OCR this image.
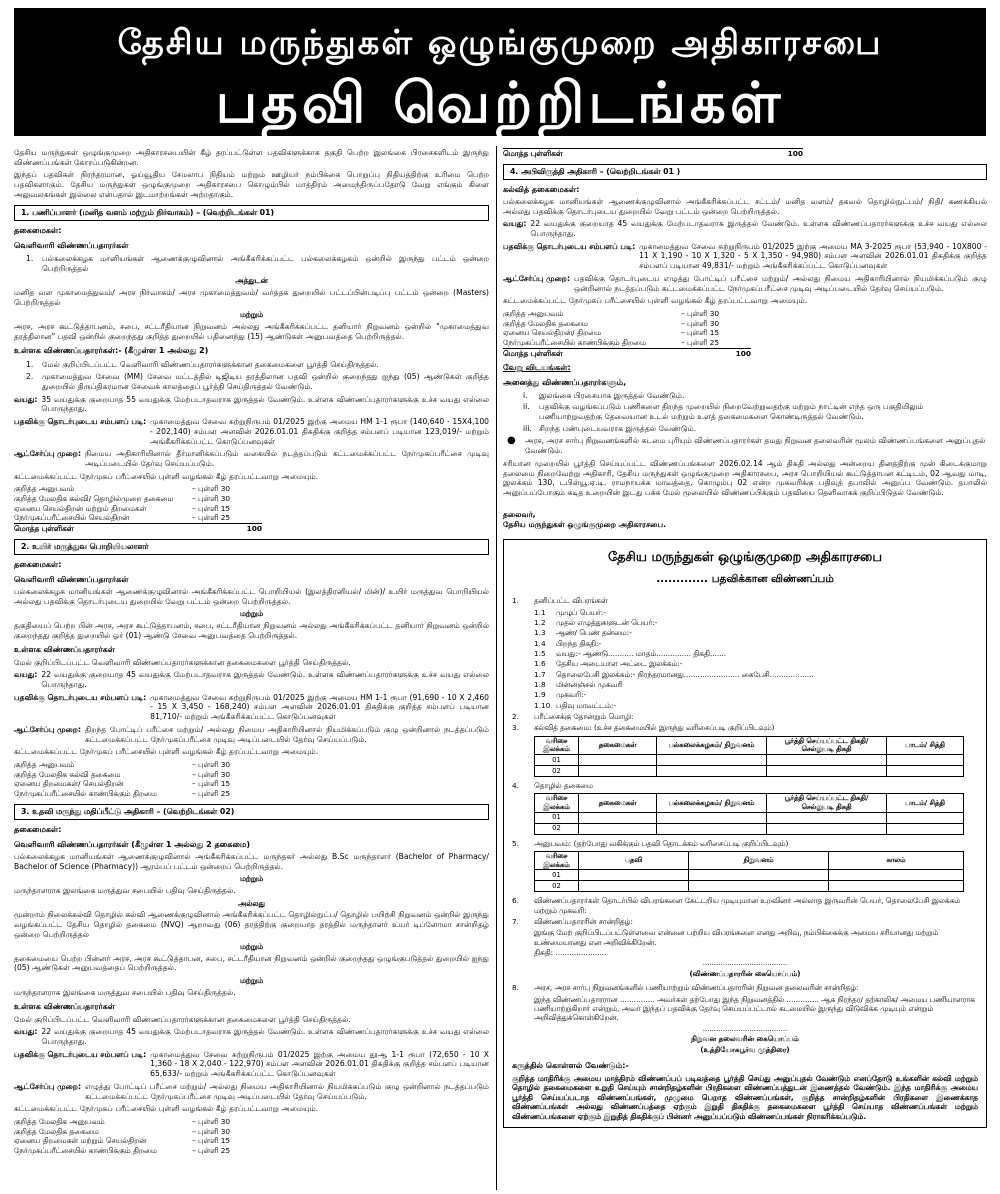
தேசிய மருந்துகள் ஒழுங்குமுறை அதிகாரசபை
பதவி வெற்றிடங்கள்

தேசிய மருந்துகள் ஒழுங்குமுறை அதிகாரசபையின் கீழ் தரப்பட்டுள்ள பதவிகளுக்காக தகுதி பெற்ற இலங்கை பிரசைகளிடம் இருந்து விண்ணப்பங்கள் கோரப்படுகின்றன.

இந்தப் பதவிகள் நிரந்தரமான, ஓய்வூதிய சேமலாப நிதியம் மற்றும் ஊழியர் நம்பிக்கை பொறுப்பு நிதியத்திற்கு உரிமை பெற்ற பதவிகளாகும். தேசிய மருந்துகள் ஒழுங்குமுறை அதிகாரசபை கொழும்பில் மாத்திரம் அமைந்திருப்பதோடு வேறு எங்கும் கிளை அலுவலகங்கள் இல்லை என்பதால் இடமாற்றங்கள் அற்றதாகும்.

1. பணிப்பாளர் (மனித வளம் மற்றும் நிர்வாகம்) – (வெற்றிடங்கள் 01)
தகைமைகள்:
வெளிவாரி விண்ணப்பதாரர்கள்
1.	பல்கலைக்கழக மானியங்கள் ஆணைக்குழுவினால் அங்கீகரிக்கப்பட்ட பல்கலைக்கழகம் ஒன்றில் இருந்து பட்டம் ஒன்றை பெற்றிருத்தல்
அத்துடன்

மனித வள முகாமைத்துவம்/ அரச நிர்வாகம்/ அரச முகாமைத்துவம்/ வர்த்தக துறையில் பட்டப்பின்படிப்பு பட்டம் ஒன்றை (Masters) பெற்றிருத்தல்

மற்றும்

அரச, அரச கூட்டுத்தாபனம், சபை, சட்டரீதியான நிறுவனம் அல்லது அங்கீகரிக்கப்பட்ட தனியார் நிறுவனம் ஒன்றில் "முகாமைத்துவ தரத்திலான" பதவி ஒன்றில் குறைந்தது குறித்த துறையில் பதினைந்து (15) ஆண்டுகள் அனுபவத்தை பெற்றிருத்தல்.

உள்ளக விண்ணப்பதாரர்கள்:- (கீழுள்ள 1 அல்லது 2)
1.	மேல் குறிப்பிடப்பட்ட வெளிவாரி விண்ணப்பதாரர்களுக்கான தகைமைகளை பூர்த்தி செய்திருத்தல்.
2.	முகாமைத்துவ சேவை (MM) சேவை மட்டத்தில் டிஜிடிய தரத்திலான பதவி ஒன்றில் குறைந்தது ஐந்து (05) ஆண்டுகள் குறித்த துறையில் திருப்திகரமான சேவைக் காலத்தைப் பூர்த்தி செய்திருத்தல் வேண்டும்.
வயது: 35 வயதுக்கு குறையாத 55 வயதுக்கு மேற்படாதவராக இருத்தல் வேண்டும். உள்ளக விண்ணப்பதாரர்களுக்கு உச்ச வயது எல்லை பொருந்தாது.
பதவிக்கு தொடர்புடைய சம்பளப் படி: முகாமைத்துவ சேவை சுற்றுநிருபம் 01/2025 இற்கு அமைய HM 1-1 ரூபா (140,640 - 15X4,100 - 202,140) சம்பள அளவின் 2026.01.01 திகதிக்கு குறித்த சம்பளப் படியான 123,019/- மற்றும் அங்கீகரிக்கப்பட்ட கொடுப்பனவுகள்
ஆட்சேர்ப்பு முறை: நிமைய அதிகாரியினால் தீர்மானிக்கப்படும் வகையில் நடத்தப்படும் கட்டமைக்கப்பட்ட நேர்முகப்பரீட்சை முடிவு அடிப்படையில் தேர்வு செய்யப்படும்.

கட்டமைக்கப்பட்ட நேர்முகப் பரீட்சையில் புள்ளி வழங்கல் கீழ் தரப்பட்டவாறு அமையும்.

குறித்த அனுபவம்	– புள்ளி 30
குறித்த மேலதிக கல்வி/ தொழில்முறை தகைமை	– புள்ளி 30
ஏனைய செயல்திறன் மற்றும் திறமைகள்	– புள்ளி 15
நேர்முகப்பரீட்சையில் செயல்திறன்	– புள்ளி 25
மொத்த புள்ளிகள்	100
2. உயிர் மருத்துவ பொறியியலாளர்
தகைமைகள்:
வெளிவாரி விண்ணப்பதாரர்கள்

பல்கலைக்கழக மானியங்கள் ஆணைக்குழுவினால் அங்கீகரிக்கப்பட்ட பொறியியல் (இலத்திரனியல்/ மின்)/ உயிர் மருத்துவ பொறியியல் அல்லது பதவிக்கு தொடர்புடைய துறையில் வேறு பட்டம் ஒன்றை பெற்றிருத்தல்.

மற்றும்

தகுதியைப் பெற்ற பின் அரச, அரச கூட்டுத்தாபனம், சபை, சட்டரீதியான நிறுவனம் அல்லது அங்கீகரிக்கப்பட்ட தனியார் நிறுவனம் ஒன்றில் குறைந்தது குறித்த துறையில் ஓர் (01) ஆண்டு சேவை அனுபவத்தை பெற்றிருத்தல்.

உள்ளக விண்ணப்பதாரர்கள்

மேல் குறிப்பிடப்பட்ட வெளிவாரி விண்ணப்பதாரர்களுக்கான தகைமைகளை பூர்த்தி செய்திருத்தல்.

வயது: 22 வயதுக்கு குறையாத 45 வயதுக்கு மேற்படாதவராக இருத்தல் வேண்டும். உள்ளக விண்ணப்பதாரர்களுக்கு உச்ச வயது எல்லை பொருந்தாது.
பதவிக்கு தொடர்புடைய சம்பளப் படி: முகாமைத்துவ சேவை சுற்றுநிருபம் 01/2025 இற்கு அமைய HM 1-1 ரூபா (91,690 - 10 X 2,460 - 15 X 3,450 - 168,240) சம்பள அளவின் 2026.01.01 திகதிக்கு குறித்த சம்பளப் படியான 81,710/- மற்றும் அங்கீகரிக்கப்பட்ட கொடுப்பனவுகள்
ஆட்சேர்ப்பு முறை: திறந்த போட்டிப் பரீட்சை மற்றும்/ அல்லது நிமைய அதிகாரியினால் நியமிக்கப்படும் குழு ஒன்றினால் நடத்தப்படும் கட்டமைக்கப்பட்ட நேர்முகப்பரீட்சை முடிவு அடிப்படையில் தேர்வு செய்யப்படும்.

கட்டமைக்கப்பட்ட நேர்முகப் பரீட்சையில் புள்ளி வழங்கல் கீழ் தரப்பட்டவாறு அமையும்.

குறித்த அனுபவம்	– புள்ளி 30
குறித்த மேலதிக கல்வி தகைமை	– புள்ளி 30
ஏனைய திறமைகள்/ செயல்திறன்	– புள்ளி 15
நேர்முகப்பரீட்சையில் காண்பிக்கும் திறமை	– புள்ளி 25
3. உதவி மருந்து மதிப்பீட்டு அதிகாரி – (வெற்றிடங்கள் 02)
தகைமைகள்:
வெளிவாரி விண்ணப்பதாரர்கள் (கீழுள்ள 1 அல்லது 2 தகைமை)

பல்கலைக்கழக மானியங்கள் ஆணைக்குழுவினால் அங்கீகரிக்கப்பட்ட மருந்தகர் அல்லது B.Sc மருந்தாளர் (Bachelor of Pharmacy/ Bachelor of Science (Pharmacy)) ஆரம்பப் பட்டம் ஒன்றைப் பெற்றிருத்தல்.

மற்றும்

மருந்தாளராக இலங்கை மருத்துவ சபையில் பதிவு செய்திருத்தல்.

அல்லது

மூன்றாம் நிலைக்கல்வி தொழில் கல்வி ஆணைக்குழுவினால் அங்கீகரிக்கப்பட்ட தொழில்நுட்ப/ தொழில் பயிற்சி நிறுவனம் ஒன்றில் இருந்து வழங்கப்பட்ட தேசிய தொழில் தகைமை (NVQ) ஆறாவது (06) தரத்திற்கு குறையாத தரத்தில் மருந்தாளர் உயர் டிப்ளோமா சான்றிதழ் ஒன்றை பெற்றிருத்தல்

மற்றும்

தகைமையை பெற்ற பின்னர் அரச, அரச கூட்டுத்தாபன, சபை, சட்டரீதியான நிறுவனம் ஒன்றில் குறைந்தது ஒழுங்குபடுத்தல் துறையில் ஐந்து (05) ஆண்டுகள் அனுபவத்தைப் பெற்றிருத்தல்.

மற்றும்

மருந்தாளராக இலங்கை மருத்துவ சபையில் பதிவு செய்திருத்தல்.

உள்ளக விண்ணப்பதாரர்கள்

மேல் குறிப்பிடப்பட்ட வெளிவாரி விண்ணப்பதாரர்களுக்கான தகைமைகளை பூர்த்தி செய்திருத்தல்.

வயது: 22 வயதுக்கு குறையாத 45 வயதுக்கு மேற்படாதவராக இருத்தல் வேண்டும். உள்ளக விண்ணப்பதாரர்களுக்கு உச்ச வயது எல்லை பொருந்தாது.
பதவிக்கு தொடர்புடைய சம்பளப் படி: முகாமைத்துவ சேவை சுற்றுநிருபம் 01/2025 இற்கு அமைய தூஆ 1-1 ரூபா (72,650 - 10 X 1,360 - 18 X 2,040 - 122,970) சம்பள அளவின் 2026.01.01 திகதிக்கு குறித்த சம்பளப் படியான 65,633/- மற்றும் அங்கீகரிக்கப்பட்ட கொடுப்பனவுகள்
ஆட்சேர்ப்பு முறை: எழுத்து போட்டிப் பரீட்சை மற்றும்/ அல்லது நிமைய அதிகாரியினால் நியமிக்கப்படும் குழு ஒன்றினால் நடத்தப்படும் கட்டமைக்கப்பட்ட நேர்முகப்பரீட்சை முடிவு அடிப்படையில் தேர்வு செய்யப்படும்.

கட்டமைக்கப்பட்ட நேர்முகப் பரீட்சையில் புள்ளி வழங்கல் கீழ் தரப்பட்டவாறு அமையும்.

குறித்த மேலதிக அனுபவம்	– புள்ளி 30
குறித்த மேலதிக தகைமை	– புள்ளி 30
ஏனைய திறமைகள் மற்றும் செயல்திறன்	– புள்ளி 15
நேர்முகப்பரீட்சையில் காண்பிக்கும் திறமை	– புள்ளி 25
மொத்த புள்ளிகள்	100
4. அபிவிருத்தி அதிகாரி – (வெற்றிடங்கள் 01 )
கல்வித் தகைமைகள்:

பல்கலைக்கழக மானியங்கள் ஆணைக்குழுவினால் அங்கீகரிக்கப்பட்ட சட்டம்/ மனித வளம்/ தகவல் தொழில்நுட்பம்/ நிதி/ கணக்கியல் அல்லது பதவிக்கு தொடர்புடைய துறையில் வேறு பட்டம் ஒன்றை பெற்றிருத்தல்.

வயது: 22 வயதுக்கு குறையாத 45 வயதுக்கு மேற்படாதவராக இருத்தல் வேண்டும். உள்ளக விண்ணப்பதாரர்களுக்கு உச்ச வயது எல்லை பொருந்தாது.
பதவிக்கு தொடர்புடைய சம்பளப் படி: முகாமைத்துவ சேவை சுற்றுநிருபம் 01/2025 இற்கு அமைய MA 3-2025 ரூபா (53,940 - 10X800 - 11 X 1,190 - 10 X 1,320 - 5 X 1,350 - 94,980) சம்பள அளவின் 2026.01.01 திகதிக்கு குறித்த சம்பளப் படியான 49,831/- மற்றும் அங்கீகரிக்கப்பட்ட கொடுப்பனவுகள்
ஆட்சேர்ப்பு முறை: பதவிக்கு தொடர்புடைய எழுத்து போட்டிப் பரீட்சை மற்றும்/ அல்லது நிமைய அதிகாரியினால் நியமிக்கப்படும் குழு ஒன்றினால் நடத்தப்படும் கட்டமைக்கப்பட்ட நேர்முகப்பரீட்சை முடிவு அடிப்படையில் தேர்வு செய்யப்படும்.

கட்டமைக்கப்பட்ட நேர்முகப் பரீட்சையில் புள்ளி வழங்கல் கீழ் தரப்பட்டவாறு அமையும்.

குறித்த அனுபவம்	– புள்ளி 30
குறித்த மேலதிக தகைமை	– புள்ளி 30
ஏனைய செயல்திறன்/ திறமை	– புள்ளி 15
நேர்முகப்பரீட்சையில் காண்பிக்கும் திறமை	– புள்ளி 25
மொத்த புள்ளிகள்	100
வேறு விடயங்கள்:
அனைத்து விண்ணப்பதாரர்களும்,
i.	இலங்கை பிரசையாக இருத்தல் வேண்டும்.
ii.	பதவிக்கு வழங்கப்படும் பணிகளை திறந்த முறையில் நிறைவேற்றுவதற்கு மற்றும் நாட்டின் எந்த ஒரு பகுதியிலும் பணியாற்றுவதற்கு தேவையான உடல் மற்றும் உளத் தகைமைகளை கொண்டிருத்தல் வேண்டும்.
iii. சிறந்த பண்புடையவராக இருத்தல் வேண்டும்.
●	அரச, அரச சார்பு நிறுவனங்களில் கடமை புரியும் விண்ணப்பதாரர்கள் தமது நிறுவன தலைவரின் மூலம் விண்ணப்பங்களை அனுப்புதல் வேண்டும்.

சரியான முறையில் பூர்த்தி செய்யப்பட்ட விண்ணப்பங்களை 2026.02.14 ஆம் திகதி அல்லது அன்றைய தினத்திற்கு முன் கிடைக்குமாறு தலைமை நிறைவேற்று அதிகாரி, தேசிய மருந்துகள் ஒழுங்குமுறை அதிகாரசபை, அரச பொறியியல் கூட்டுத்தாபன கட்டிடம், 02 ஆவது மாடி, இலக்கம் 130, டபிள்யூ.ஏ.டி. ராமநாயக்க மாவத்தை, கொழும்பு 02 என்ற முகவரிக்கு பதிவுத் தபாலில் அனுப்ப வேண்டும். தபாலில் அனுப்பப்போகும் கடித உறையின் இடது பக்க மேல் மூலையில் விண்ணப்பிக்கும் பதவியை தெளிவாகக் குறிப்பிடுதல் வேண்டும்.

தலைவர்,
தேசிய மருந்துகள் ஒழுங்குமுறை அதிகாரசபை.
தேசிய மருந்துகள் ஒழுங்குமுறை அதிகாரசபை
............. பதவிக்கான விண்ணப்பம்
1.	தனிப்பட்ட விபரங்கள்
1.1	முழுப் பெயர்:-
1.2	முதல் எழுத்துகளுடன் பெயர்:-
1.3	ஆண்/ பெண் தன்மை:-
1.4	பிறந்த திகதி:-
1.5	வயது:- ஆண்டு........... மாதம்............... திகதி.......
1.6	தேசிய அடையாள அட்டை இலக்கம்:-
1.7	தொலைபேசி இலக்கம்:- நிரந்தரமானது........................ கைபேசி...................
1.8	மின்னஞ்சல் முகவரி
1.9	முகவரி:-
1.10 பதிவு மாவட்டம்:-
2.	பரீட்சைக்கு தோன்றும் மொழி:
3.	கல்வித் தகைமை: (உச்ச தகைமையில் இருந்து வரிசைப்படி குறிப்பிடவும்)
வரிசை இலக்கம்	தகைமைகள்	பல்கலைக்கழகம்/ நிறுவனம்	பூர்த்தி செய்யப்பட்ட திகதி/ செல்லுபடி திகதி	பாடம்/ சித்தி
01				
02				
4.	தொழில் தகைமை
வரிசை இலக்கம்	தகைமைகள்	பல்கலைக்கழகம்/ நிறுவனம்	பூர்த்தி செய்யப்பட்ட திகதி/ செல்லுபடி திகதி	பாடம்/ சித்தி
01				
02				
5.	அனுபவம்: (தற்போது வகிக்கும் பதவி தொடக்கம் வரிசைப்படி குறிப்பிடவும்)
வரிசை இலக்கம்	பதவி	நிறுவனம்	காலம்
01			
02			
6.	விண்ணப்பதாரர்கள் தொடர்பில் விபரங்களை கேட்டறிய முடியுமான உறவினர் அல்லாத இருவரின் பெயர், தொலைபேசி இலக்கம் மற்றும் முகவரி:
7.	விண்ணப்பதாரரின் சான்றிதழ்:
இங்கு மேற் குறிப்பிடப்பட்டுள்ளவை என்னை பற்றிய விபரங்களை எனது அறிவு, நம்பிக்கைக்கு அமைய சரியானது மற்றும் உண்மையானது என அறிவிக்கிறேன்.
திகதி: ......................
......................................
(விண்ணப்பதாரரின் கையொப்பம்)
8.	அரச, அரச சார்பு நிறுவனங்களில் பணியாற்றும் விண்ணப்பதாரரின் நிறுவன தலைவரின் சான்றிதழ்:
இந்த விண்ணப்பதாரரான ............... அவர்கள் தற்போது இந்த நிறுவனத்தில் .............. ஆக நிரந்தர/ தற்காலிக/ அமைய பணியாளராக பணியாற்றுகிறார் என்றும், அவர் இந்தப் பதவிக்கு தேர்வு செய்யப்பட்டால் கடமையில் இருந்து விடுவிக்க முடியும் என்றும் அறிவித்துக்கொள்கிறேன்.
......................................
நிறுவன தலைவரின் கையொப்பம்
(உத்தியோகபூர்வ முத்திரை)
கருத்தில் கொள்ளல் வேண்டும்:-
குறித்த மாதிரிக்கு அமைய மாத்திரம் விண்ணப்பப் படிவத்தை பூர்த்தி செய்து அனுப்புதல் வேண்டும் எனப்தோடு உங்களின் கல்வி மற்றும் தொழில் தகைமைகளை உறுதி செய்யும் சான்றிதழ்களின் பிரதிகளை விண்ணப்பத்துடன் இணைத்தல் வேண்டும். இந்த மாதிரிக்கு அமைய பூர்த்தி செய்யப்படாத விண்ணப்பங்கள், முழுமை பெறாத விண்ணப்பங்கள், குறித்த சான்றிதழ்களின் பிரதிகளை இணைக்காத விண்ணப்பங்கள் அல்லது விண்ணப்பத்தை ஏற்கும் இறுதி திகதிக்கு தகைமைகளை பூர்த்தி செய்யாத விண்ணப்பங்கள் மற்றும் விண்ணப்பங்களை ஏற்கும் இறுதித் திகதிக்குப் பின்னர் அனுப்பப்படும் விண்ணப்பங்கள் நிராகரிக்கப்படும்.
